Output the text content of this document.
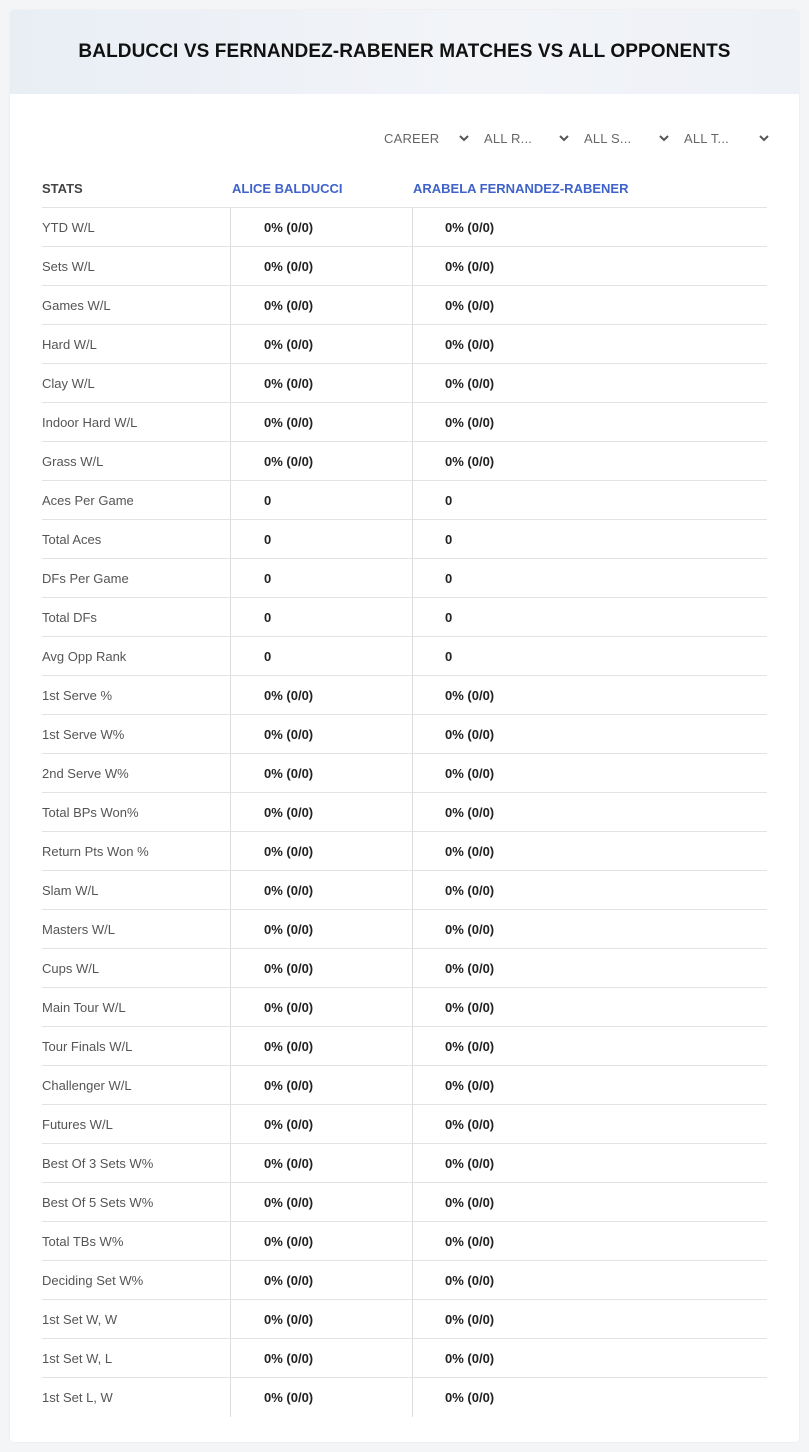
BALDUCCI VS FERNANDEZ-RABENER MATCHES VS ALL OPPONENTS
CAREER	ALL R...	ALL S...	ALL T...
STATS	ALICE BALDUCCI	ARABELA FERNANDEZ-RABENER
YTD W/L	0% (0/0)	0% (0/0)
Sets W/L	0% (0/0)	0% (0/0)
Games W/L	0% (0/0)	0% (0/0)
Hard W/L	0% (0/0)	0% (0/0)
Clay W/L	0% (0/0)	0% (0/0)
Indoor Hard W/L	0% (0/0)	0% (0/0)
Grass W/L	0% (0/0)	0% (0/0)
Aces Per Game	0	0
Total Aces	0	0
DFs Per Game	0	0
Total DFs	0	0
Avg Opp Rank	0	0
1st Serve %	0% (0/0)	0% (0/0)
1st Serve W%	0% (0/0)	0% (0/0)
2nd Serve W%	0% (0/0)	0% (0/0)
Total BPs Won%	0% (0/0)	0% (0/0)
Return Pts Won %	0% (0/0)	0% (0/0)
Slam W/L	0% (0/0)	0% (0/0)
Masters W/L	0% (0/0)	0% (0/0)
Cups W/L	0% (0/0)	0% (0/0)
Main Tour W/L	0% (0/0)	0% (0/0)
Tour Finals W/L	0% (0/0)	0% (0/0)
Challenger W/L	0% (0/0)	0% (0/0)
Futures W/L	0% (0/0)	0% (0/0)
Best Of 3 Sets W%	0% (0/0)	0% (0/0)
Best Of 5 Sets W%	0% (0/0)	0% (0/0)
Total TBs W%	0% (0/0)	0% (0/0)
Deciding Set W%	0% (0/0)	0% (0/0)
1st Set W, W	0% (0/0)	0% (0/0)
1st Set W, L	0% (0/0)	0% (0/0)
1st Set L, W	0% (0/0)	0% (0/0)
